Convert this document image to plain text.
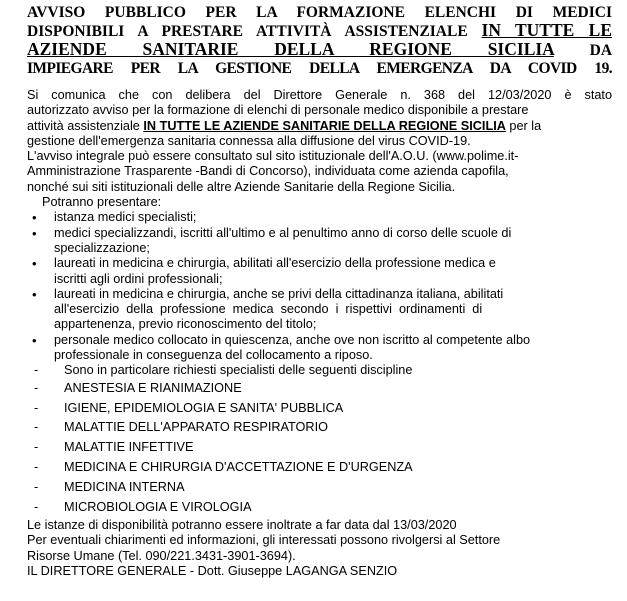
AVVISO PUBBLICO PER LA FORMAZIONE ELENCHI DI MEDICI
DISPONIBILI A PRESTARE ATTIVITÀ ASSISTENZIALE IN TUTTE LE
AZIENDE SANITARIE DELLA REGIONE SICILIA DA
IMPIEGARE PER LA GESTIONE DELLA EMERGENZA DA COVID 19.
Si comunica che con delibera del Direttore Generale n. 368 del 12/03/2020 è stato
autorizzato avviso per la formazione di elenchi di personale medico disponibile a prestare
attività assistenziale IN TUTTE LE AZIENDE SANITARIE DELLA REGIONE SICILIA per la
gestione dell'emergenza sanitaria connessa alla diffusione del virus COVID-19.
L'avviso integrale può essere consultato sul sito istituzionale dell'A.O.U. (www.polime.it-
Amministrazione Trasparente -Bandi di Concorso), individuata come azienda capofila,
nonché sui siti istituzionali delle altre Aziende Sanitarie della Regione Sicilia.
Potranno presentare:
• istanza medici specialisti;
• medici specializzandi, iscritti all'ultimo e al penultimo anno di corso delle scuole di
specializzazione;
• laureati in medicina e chirurgia, abilitati all'esercizio della professione medica e
iscritti agli ordini professionali;
• laureati in medicina e chirurgia, anche se privi della cittadinanza italiana, abilitati
all'esercizio della professione medica secondo i rispettivi ordinamenti di
appartenenza, previo riconoscimento del titolo;
• personale medico collocato in quiescenza, anche ove non iscritto al competente albo
professionale in conseguenza del collocamento a riposo.
- Sono in particolare richiesti specialisti delle seguenti discipline
- ANESTESIA E RIANIMAZIONE
- IGIENE, EPIDEMIOLOGIA E SANITA' PUBBLICA
- MALATTIE DELL'APPARATO RESPIRATORIO
- MALATTIE INFETTIVE
- MEDICINA E CHIRURGIA D'ACCETTAZIONE E D'URGENZA
- MEDICINA INTERNA
- MICROBIOLOGIA E VIROLOGIA
Le istanze di disponibilità potranno essere inoltrate a far data dal 13/03/2020
Per eventuali chiarimenti ed informazioni, gli interessati possono rivolgersi al Settore
Risorse Umane (Tel. 090/221.3431-3901-3694).
IL DIRETTORE GENERALE - Dott. Giuseppe LAGANGA SENZIO
